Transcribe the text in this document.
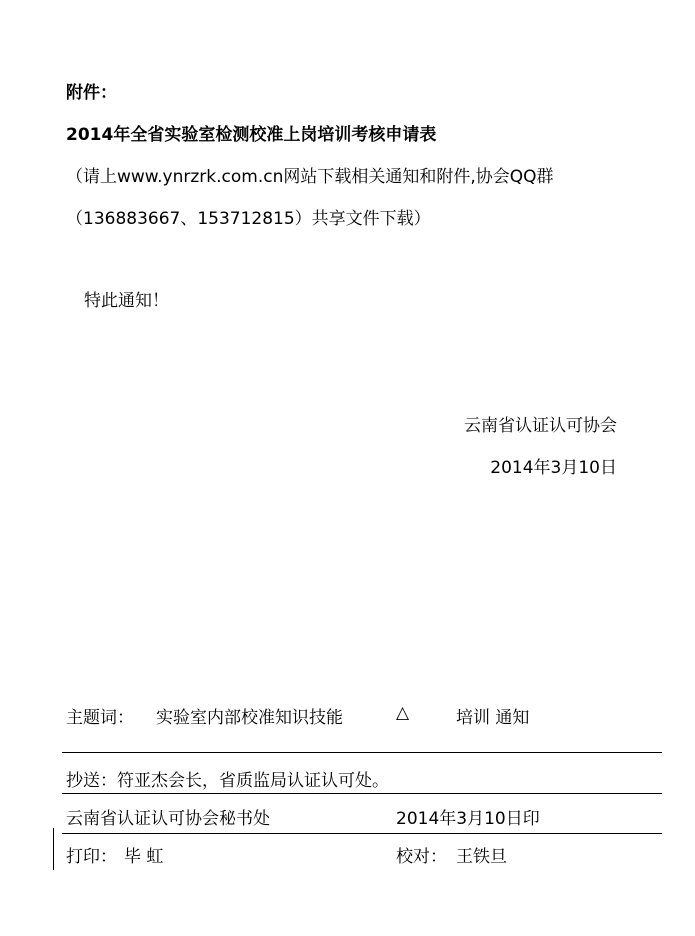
附件：
2014年全省实验室检测校准上岗培训考核申请表
（请上www.ynrzrk.com.cn网站下载相关通知和附件,协会QQ群
（136883667、153712815）共享文件下载）
特此通知！
云南省认证认可协会
2014年3月10日
主题词： 实验室内部校准知识技能	△	培训 通知
抄送：符亚杰会长，省质监局认证认可处。
云南省认证认可协会秘书处	2014年3月10日印
打印： 毕 虹	校对： 王铁旦
